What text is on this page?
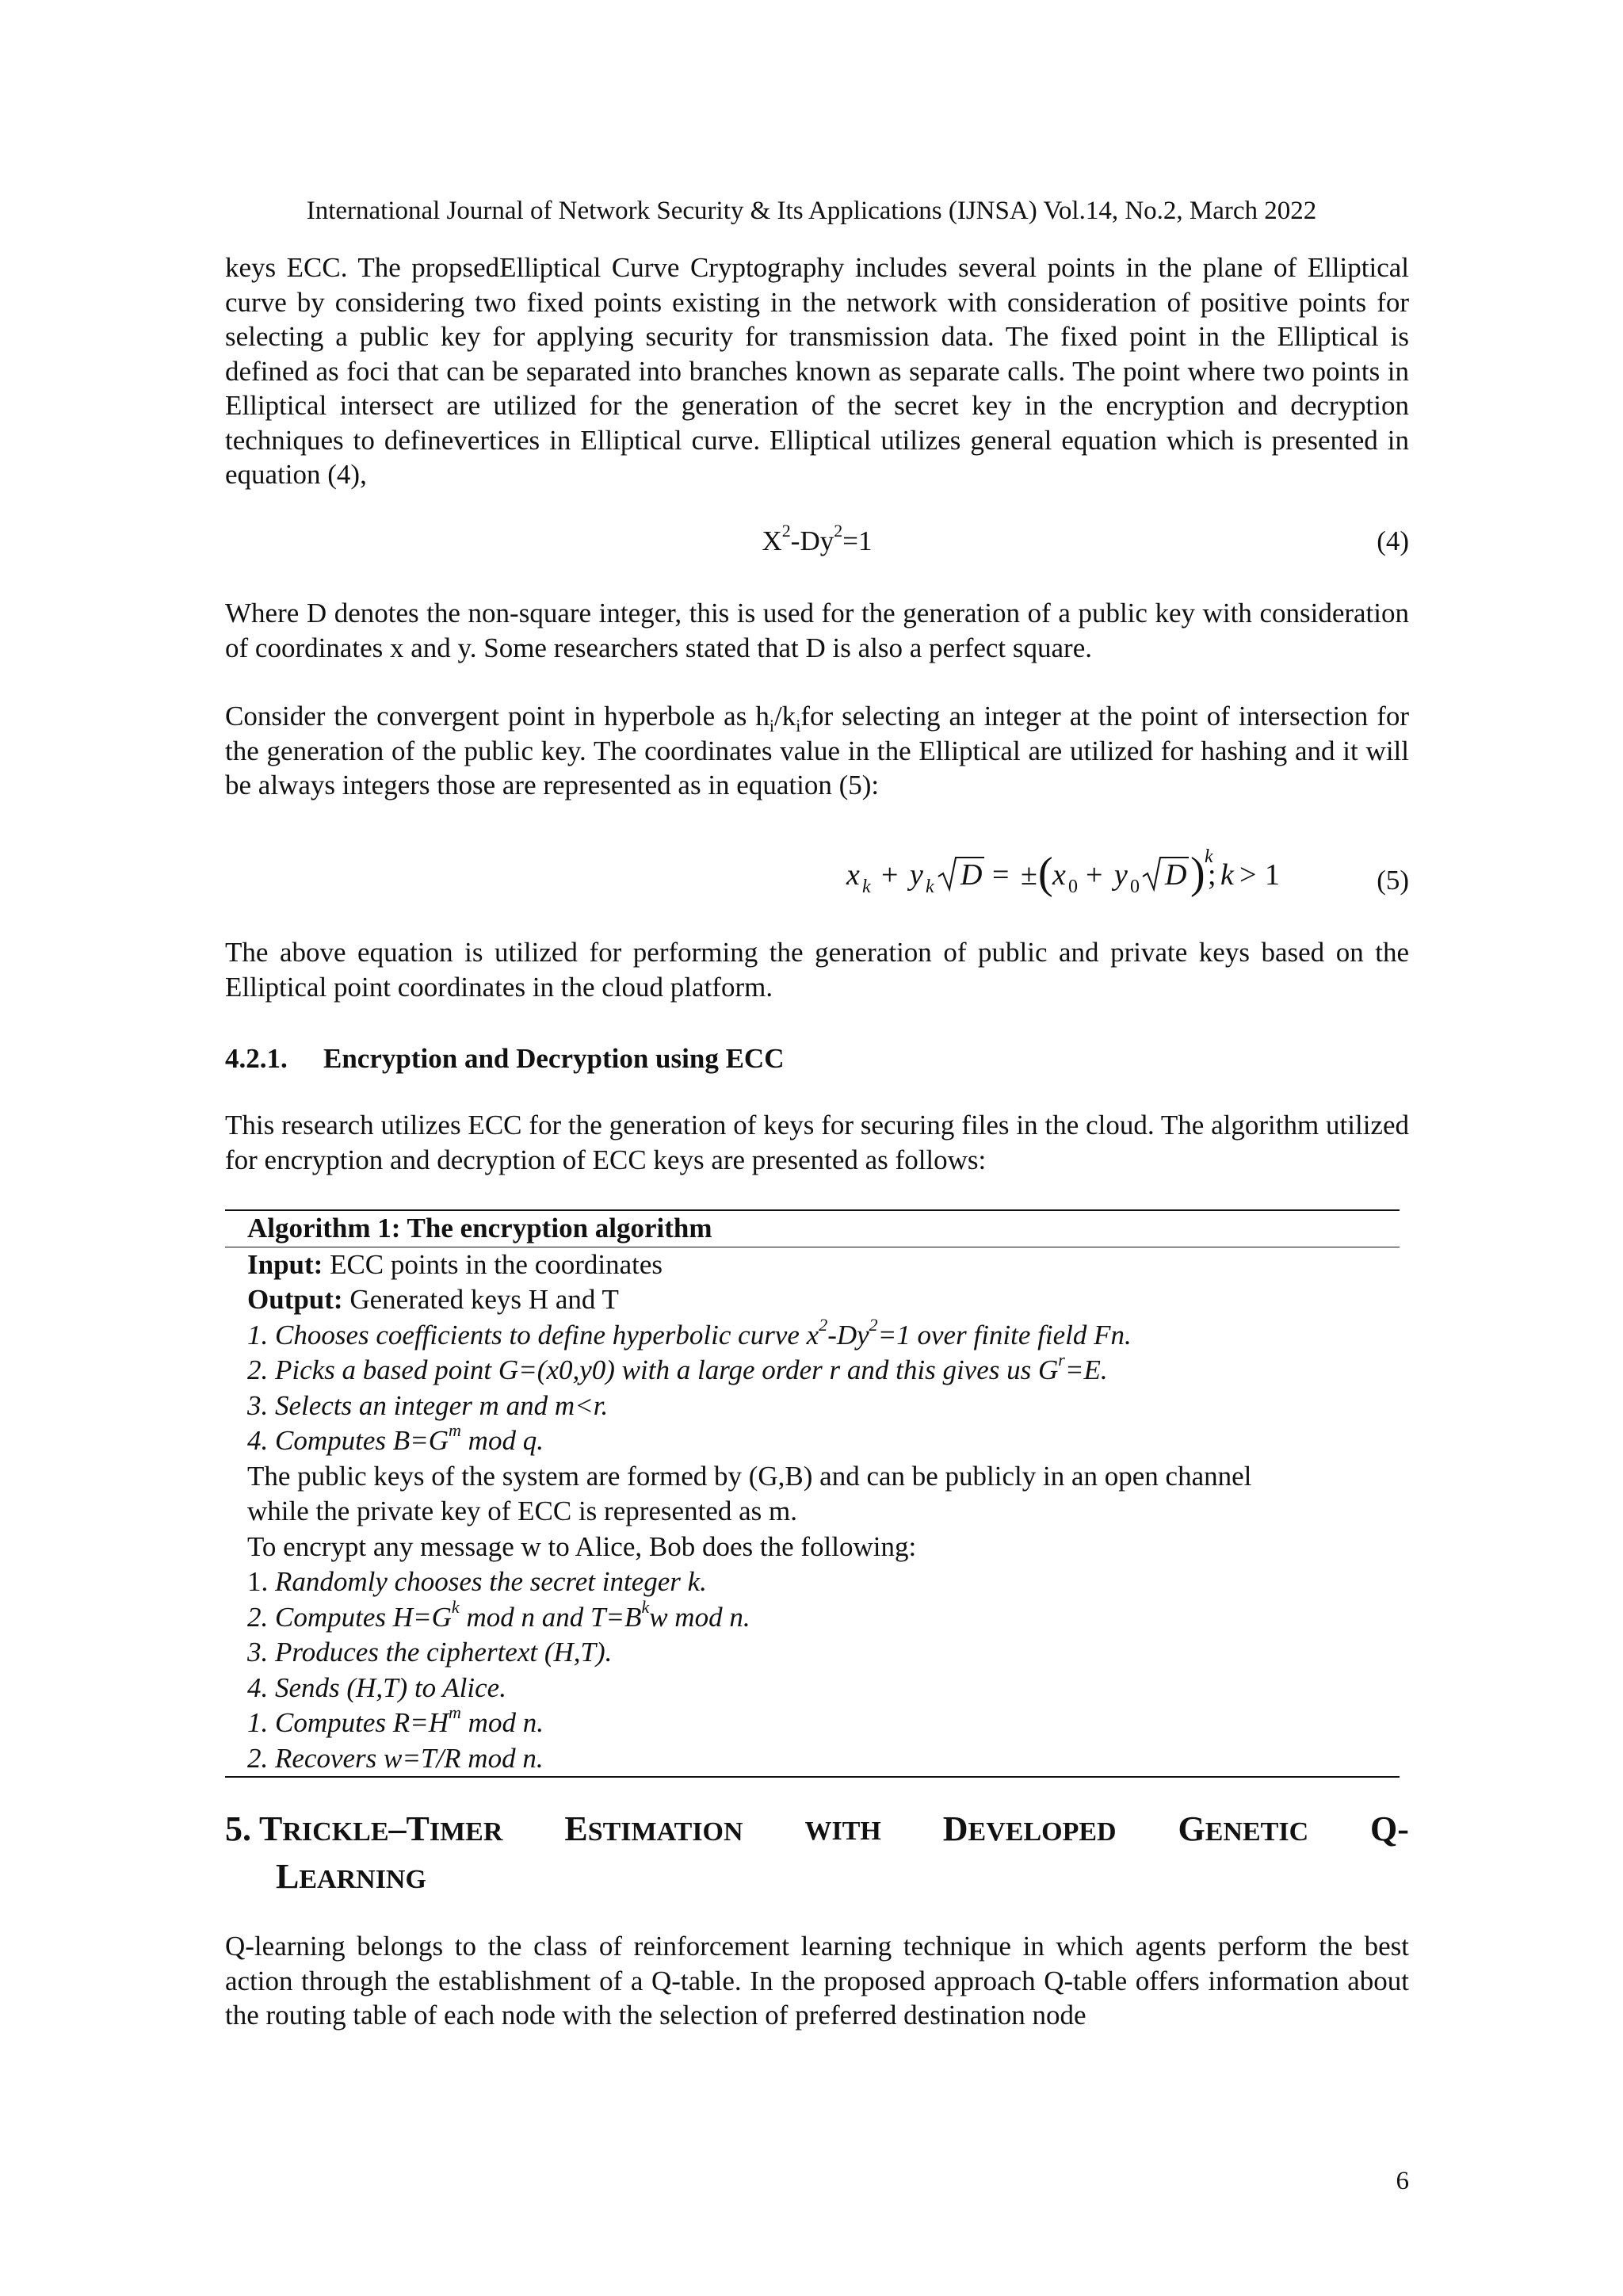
International Journal of Network Security & Its Applications (IJNSA) Vol.14, No.2, March 2022

keys ECC. The propsedElliptical Curve Cryptography includes several points in the plane of Elliptical curve by considering two fixed points existing in the network with consideration of positive points for selecting a public key for applying security for transmission data. The fixed point in the Elliptical is defined as foci that can be separated into branches known as separate calls. The point where two points in Elliptical intersect are utilized for the generation of the secret key in the encryption and decryption techniques to definevertices in Elliptical curve. Elliptical utilizes general equation which is presented in equation (4),

$X^2-Dy^2=1$	(4)

Where D denotes the non-square integer, this is used for the generation of a public key with consideration of coordinates x and y. Some researchers stated that D is also a perfect square.

Consider the convergent point in hyperbole as $h_i/k_ifor$ selecting an integer at the point of intersection for the generation of the public key. The coordinates value in the Elliptical are utilized for hashing and it will be always integers those are represented as in equation (5):

x k + y k D = ± ( x 0 + y 0 D ) k
; k > 1	(5)

The above equation is utilized for performing the generation of public and private keys based on the Elliptical point coordinates in the cloud platform.

4.2.1. Encryption and Decryption using ECC

This research utilizes ECC for the generation of keys for securing files in the cloud. The algorithm utilized for encryption and decryption of ECC keys are presented as follows:

Algorithm 1: The encryption algorithm
Input: ECC points in the coordinates
Output: Generated keys H and T
1. Chooses coefficients to define hyperbolic curve $x^2-Dy^2=1$ over finite field Fn.
2. Picks a based point G=(x0,y0) with a large order r and this gives us $G^r=E$.
3. Selects an integer m and m<r.
4. Computes $B=G^m$ mod q.
The public keys of the system are formed by (G,B) and can be publicly in an open channel
while the private key of ECC is represented as m.
To encrypt any message w to Alice, Bob does the following:
1. Randomly chooses the secret integer k.
2. Computes $H=G^k$ mod n and $T=B^kw$ mod n.
3. Produces the ciphertext (H,T).
4. Sends (H,T) to Alice.
1. Computes $R=H^m$ mod n.
2. Recovers w=T/R mod n.
5. TRICKLE–TIMER ESTIMATION WITH DEVELOPED GENETIC Q-
LEARNING

Q-learning belongs to the class of reinforcement learning technique in which agents perform the best action through the establishment of a Q-table. In the proposed approach Q-table offers information about the routing table of each node with the selection of preferred destination node

6
